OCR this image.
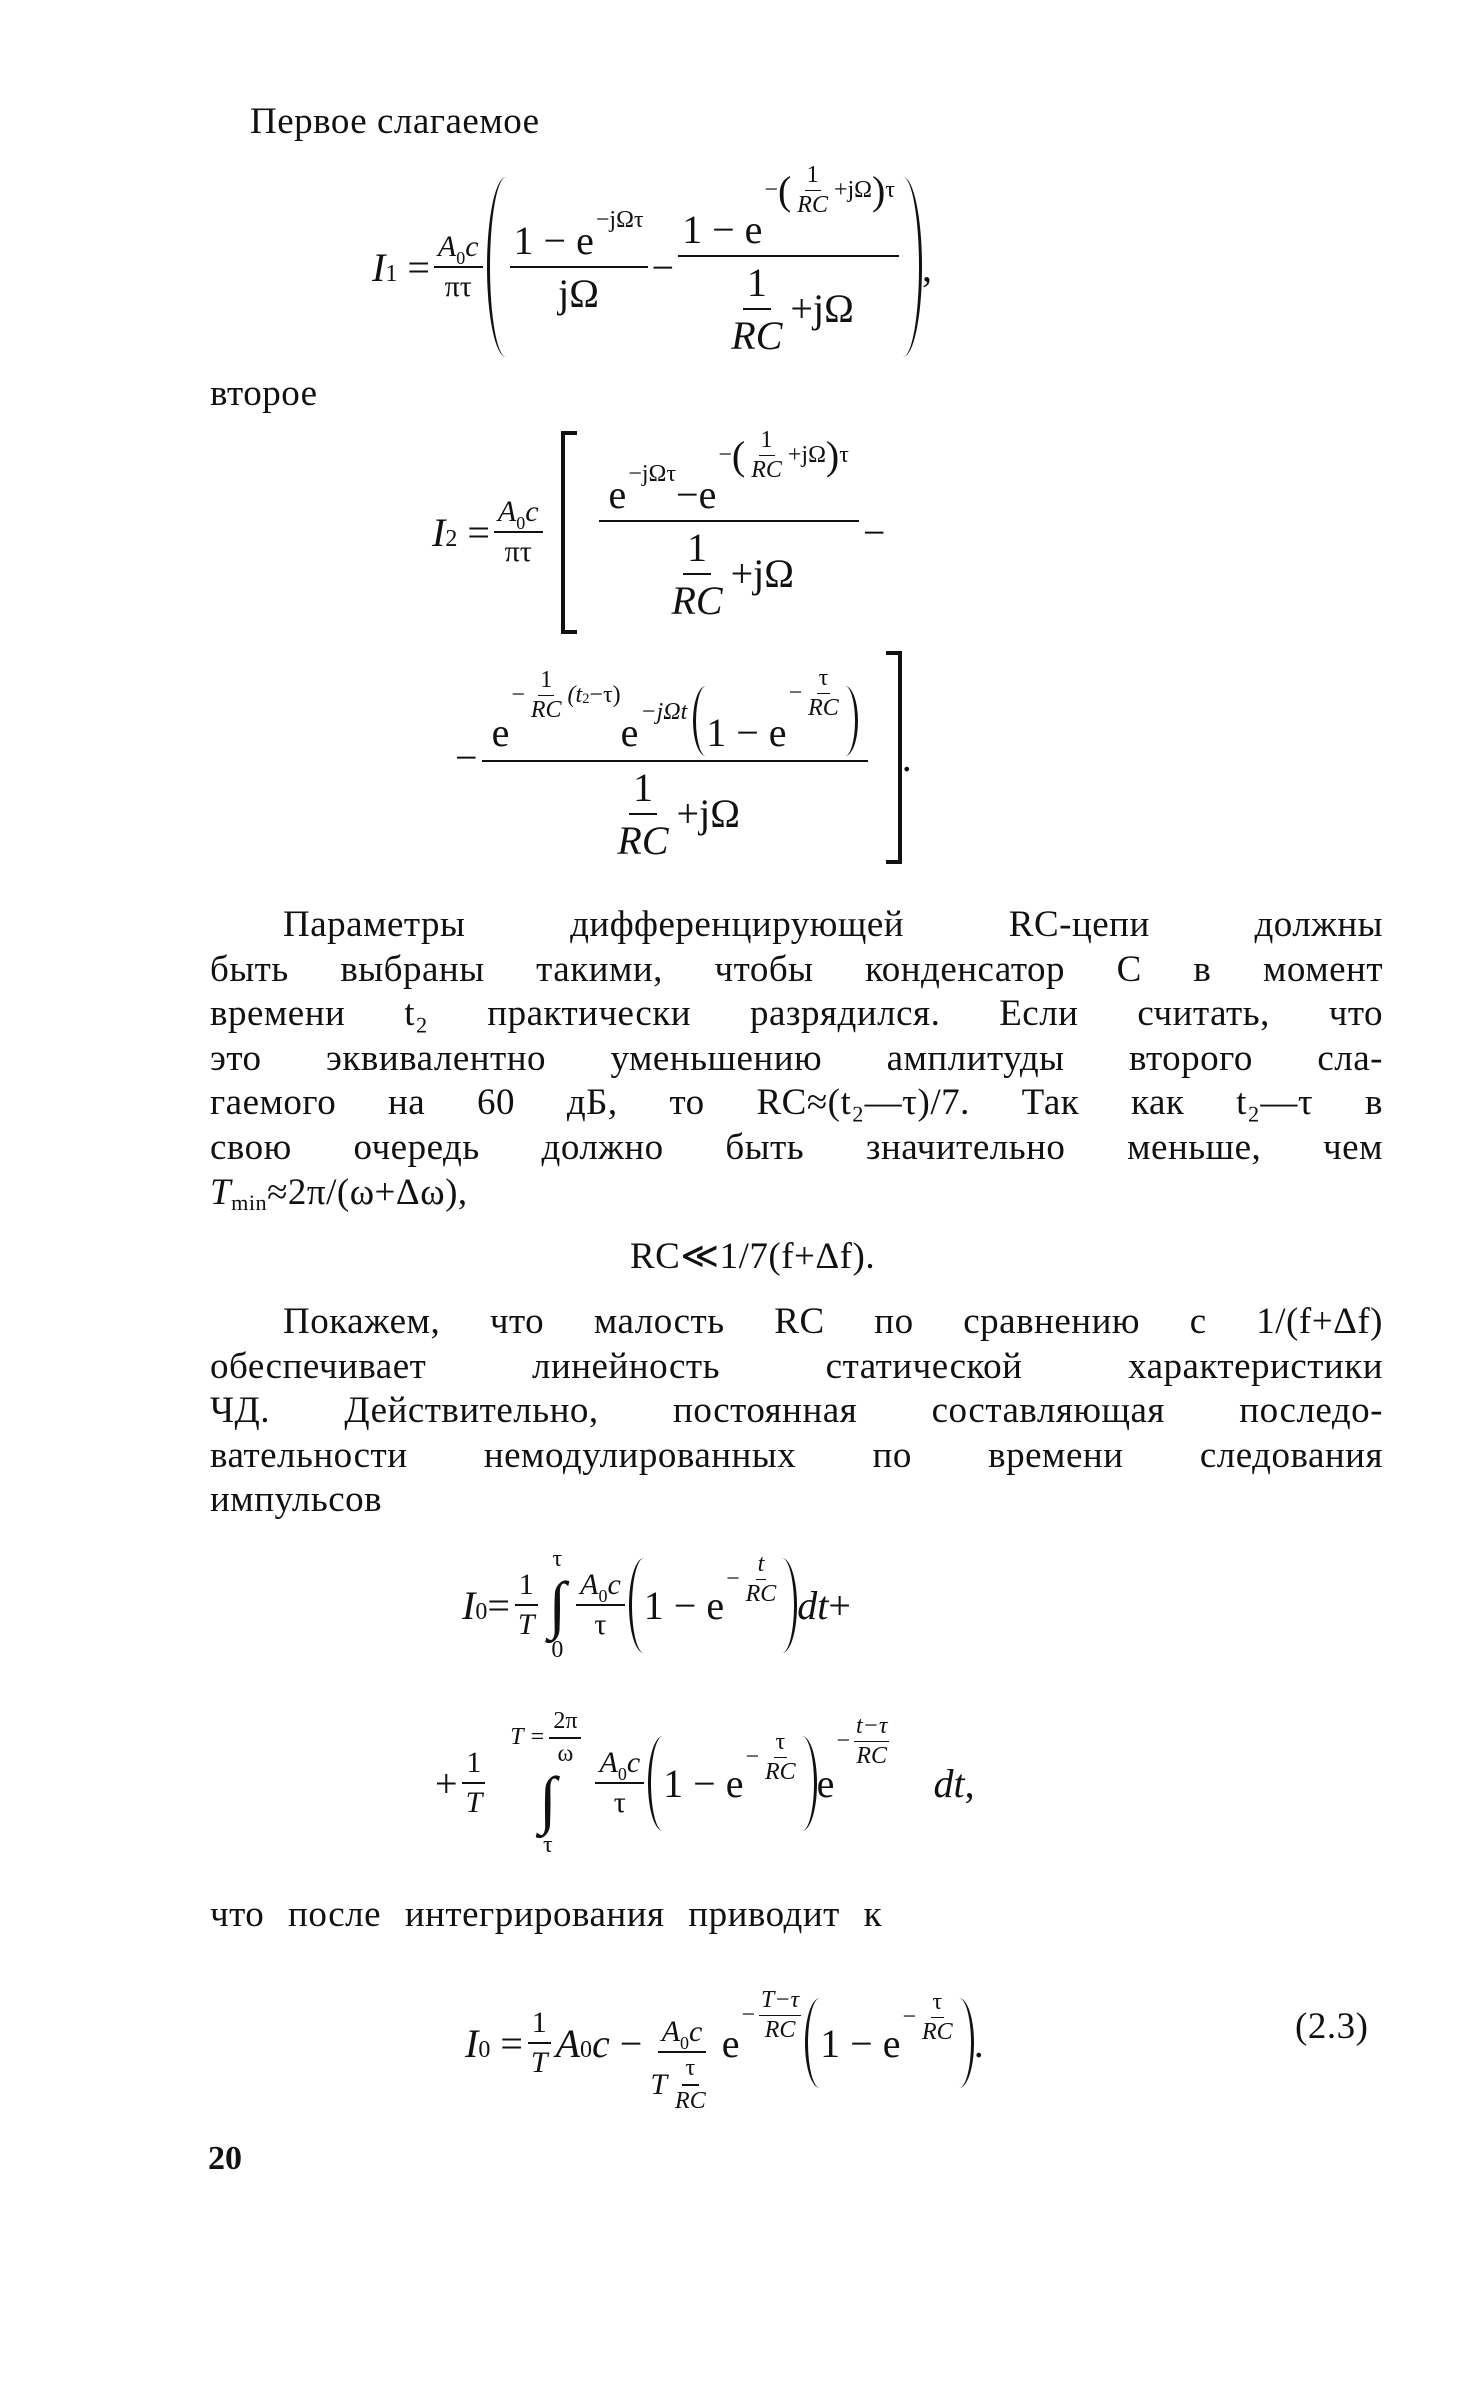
Первое слагаемое
I $1 = \frac{A 0 c}{\pi\tau} 1 - e -j\Omega\tau$
jΩ
−
1 − e
− ( $\frac{1}{RC} +j\Omega$ ) τ
$\frac{1}{RC} +j\Omega$
,
второе
I $2 = \frac{A 0 c}{\pi\tau}$
e −jΩτ − e
− ( $\frac{1}{RC} +j\Omega$ ) τ
$\frac{1}{RC} +j\Omega$
−
−
e
− $\frac{1}{RC} (t$ 2 −τ)
e −jΩt 1 − e
− $\frac{\tau}{RC}$
$\frac{1}{RC} +j\Omega$
.
Параметры дифференцирующей RC-цепи должны
быть выбраны такими, чтобы конденсатор C в момент
времени t₂ практически разрядился. Если считать, что
это эквивалентно уменьшению амплитуды второго сла-
гаемого на 60 дБ, то RC≈(t₂—τ)/7. Так как t₂—τ в
свою очередь должно быть значительно меньше, чем
Tmin≈2π/(ω+Δω),
RC≪1/7(f+Δf).
Покажем, что малость RC по сравнению с 1/(f+Δf)
обеспечивает линейность статической характеристики
ЧД. Действительно, постоянная составляющая последо-
вательности немодулированных по времени следования
импульсов
I $0 = \frac{1}{T}$
τ
∫
0
A 0 c
τ 1 − e
− $\frac{t}{RC}$ dt +
+ $\frac{1}{T}$
$T = \frac{2\pi}{\omega}$
∫
τ
A 0 c
τ 1 − e
− $\frac{\tau}{RC}$ e
− $\frac{t-\tau}{RC}$
dt ,
что после интегрирования приводит к
I $0 = \frac{1}{T}$ A 0 c − A 0 c
T $\frac{\tau}{RC}$
e
− $\frac{T-\tau}{RC} 1 - e$
− $\frac{\tau}{RC}$ .	(2.3)
20
